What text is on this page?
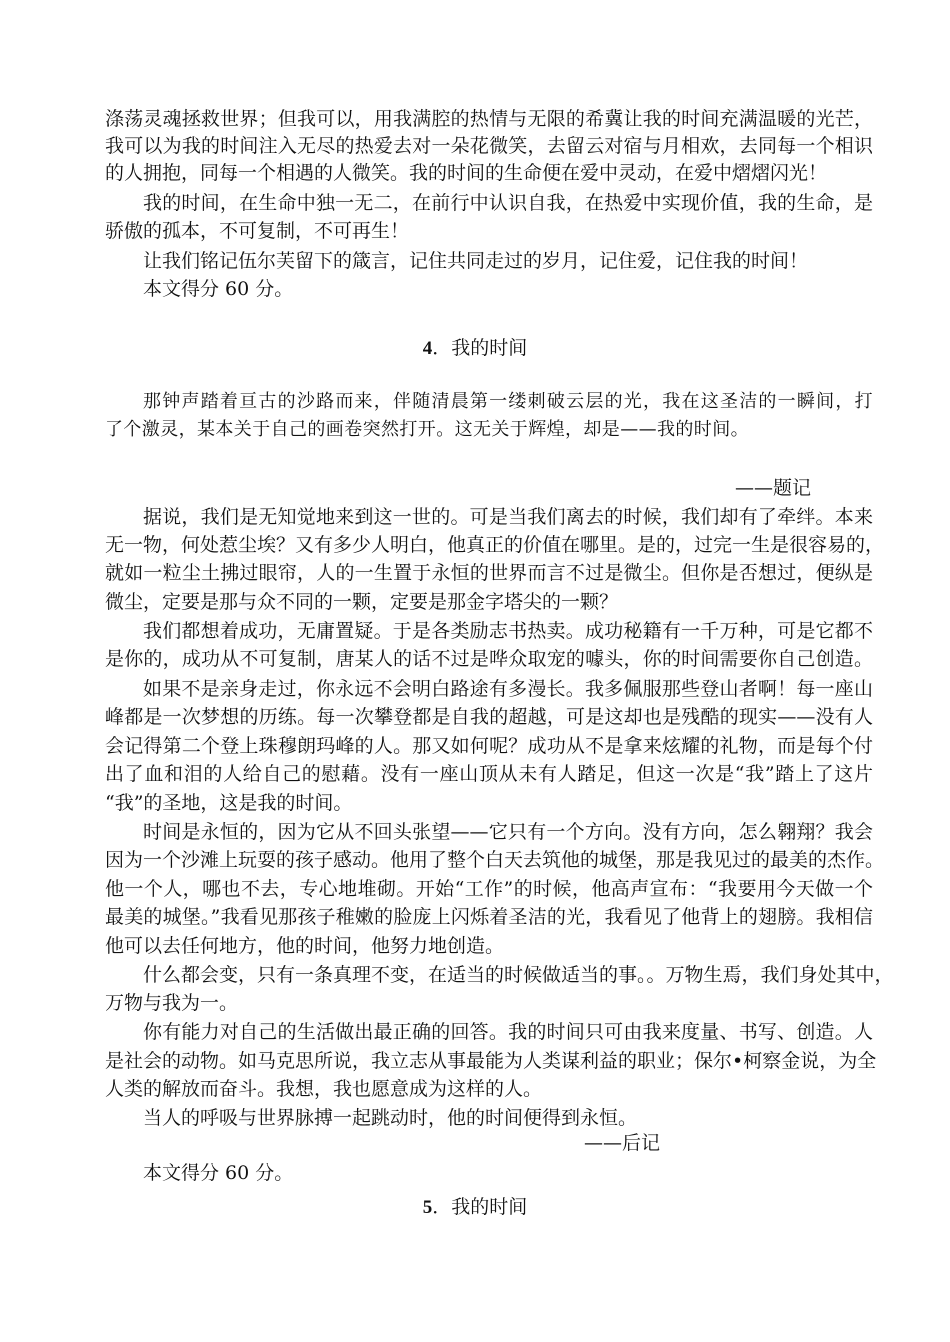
涤荡灵魂拯救世界；但我可以，用我满腔的热情与无限的希冀让我的时间充满温暖的光芒，
我可以为我的时间注入无尽的热爱去对一朵花微笑，去留云对宿与月相欢，去同每一个相识
的人拥抱，同每一个相遇的人微笑。我的时间的生命便在爱中灵动，在爱中熠熠闪光！
我的时间，在生命中独一无二，在前行中认识自我，在热爱中实现价值，我的生命，是
骄傲的孤本，不可复制，不可再生！
让我们铭记伍尔芙留下的箴言，记住共同走过的岁月，记住爱，记住我的时间！
本文得分 60 分。
4．我的时间
那钟声踏着亘古的沙路而来，伴随清晨第一缕刺破云层的光，我在这圣洁的一瞬间，打
了个激灵，某本关于自己的画卷突然打开。这无关于辉煌，却是——我的时间。
——题记
据说，我们是无知觉地来到这一世的。可是当我们离去的时候，我们却有了牵绊。本来
无一物，何处惹尘埃？又有多少人明白，他真正的价值在哪里。是的，过完一生是很容易的，
就如一粒尘土拂过眼帘，人的一生置于永恒的世界而言不过是微尘。但你是否想过，便纵是
微尘，定要是那与众不同的一颗，定要是那金字塔尖的一颗？
我们都想着成功，无庸置疑。于是各类励志书热卖。成功秘籍有一千万种，可是它都不
是你的，成功从不可复制，唐某人的话不过是哗众取宠的噱头，你的时间需要你自己创造。
如果不是亲身走过，你永远不会明白路途有多漫长。我多佩服那些登山者啊！每一座山
峰都是一次梦想的历练。每一次攀登都是自我的超越，可是这却也是残酷的现实——没有人
会记得第二个登上珠穆朗玛峰的人。那又如何呢？成功从不是拿来炫耀的礼物，而是每个付
出了血和泪的人给自己的慰藉。没有一座山顶从未有人踏足，但这一次是“我”踏上了这片
“我”的圣地，这是我的时间。
时间是永恒的，因为它从不回头张望——它只有一个方向。没有方向，怎么翱翔？我会
因为一个沙滩上玩耍的孩子感动。他用了整个白天去筑他的城堡，那是我见过的最美的杰作。
他一个人，哪也不去，专心地堆砌。开始“工作”的时候，他高声宣布：“我要用今天做一个
最美的城堡。”我看见那孩子稚嫩的脸庞上闪烁着圣洁的光，我看见了他背上的翅膀。我相信
他可以去任何地方，他的时间，他努力地创造。
什么都会变，只有一条真理不变，在适当的时候做适当的事。。万物生焉，我们身处其中，
万物与我为一。
你有能力对自己的生活做出最正确的回答。我的时间只可由我来度量、书写、创造。人
是社会的动物。如马克思所说，我立志从事最能为人类谋利益的职业；保尔•柯察金说，为全
人类的解放而奋斗。我想，我也愿意成为这样的人。
当人的呼吸与世界脉搏一起跳动时，他的时间便得到永恒。
——后记
本文得分 60 分。
5．我的时间
